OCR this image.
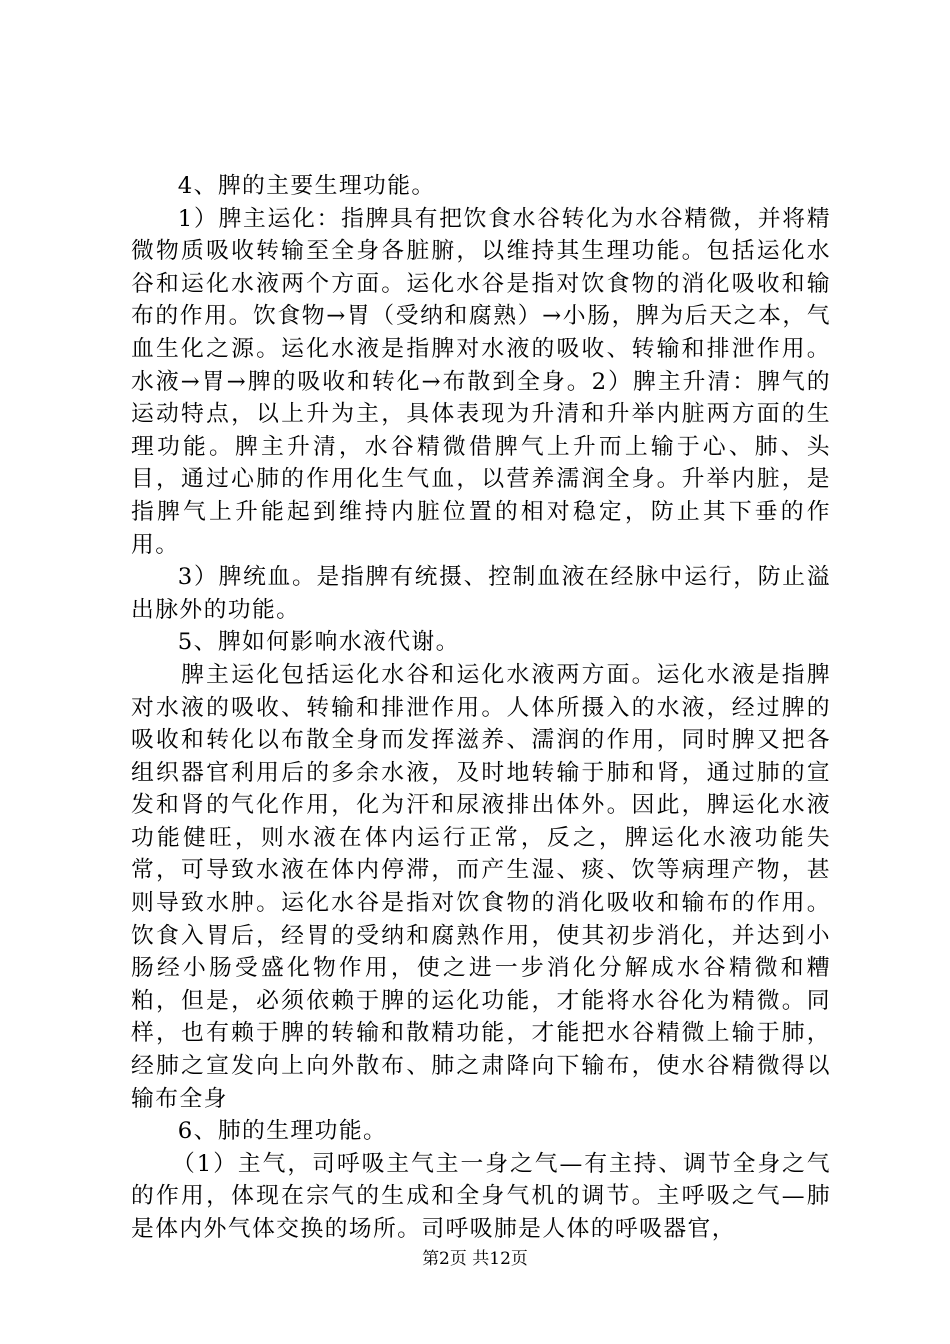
4、脾的主要生理功能。

1）脾主运化：指脾具有把饮食水谷转化为水谷精微，并将精微物质吸收转输至全身各脏腑，以维持其生理功能。包括运化水谷和运化水液两个方面。运化水谷是指对饮食物的消化吸收和输布的作用。饮食物→胃（受纳和腐熟）→小肠，脾为后天之本，气血生化之源。运化水液是指脾对水液的吸收、转输和排泄作用。水液→胃→脾的吸收和转化→布散到全身。2）脾主升清：脾气的运动特点，以上升为主，具体表现为升清和升举内脏两方面的生理功能。脾主升清，水谷精微借脾气上升而上输于心、肺、头目，通过心肺的作用化生气血，以营养濡润全身。升举内脏，是指脾气上升能起到维持内脏位置的相对稳定，防止其下垂的作用。

3）脾统血。是指脾有统摄、控制血液在经脉中运行，防止溢出脉外的功能。

5、脾如何影响水液代谢。

脾主运化包括运化水谷和运化水液两方面。运化水液是指脾对水液的吸收、转输和排泄作用。人体所摄入的水液，经过脾的吸收和转化以布散全身而发挥滋养、濡润的作用，同时脾又把各组织器官利用后的多余水液，及时地转输于肺和肾，通过肺的宣发和肾的气化作用，化为汗和尿液排出体外。因此，脾运化水液功能健旺，则水液在体内运行正常，反之，脾运化水液功能失常，可导致水液在体内停滞，而产生湿、痰、饮等病理产物，甚则导致水肿。运化水谷是指对饮食物的消化吸收和输布的作用。饮食入胃后，经胃的受纳和腐熟作用，使其初步消化，并达到小肠经小肠受盛化物作用，使之进一步消化分解成水谷精微和糟粕，但是，必须依赖于脾的运化功能，才能将水谷化为精微。同样，也有赖于脾的转输和散精功能，才能把水谷精微上输于肺，经肺之宣发向上向外散布、肺之肃降向下输布，使水谷精微得以输布全身

6、肺的生理功能。

（1）主气，司呼吸主气主一身之气—有主持、调节全身之气的作用，体现在宗气的生成和全身气机的调节。主呼吸之气—肺是体内外气体交换的场所。司呼吸肺是人体的呼吸器官，

第2页 共12页
